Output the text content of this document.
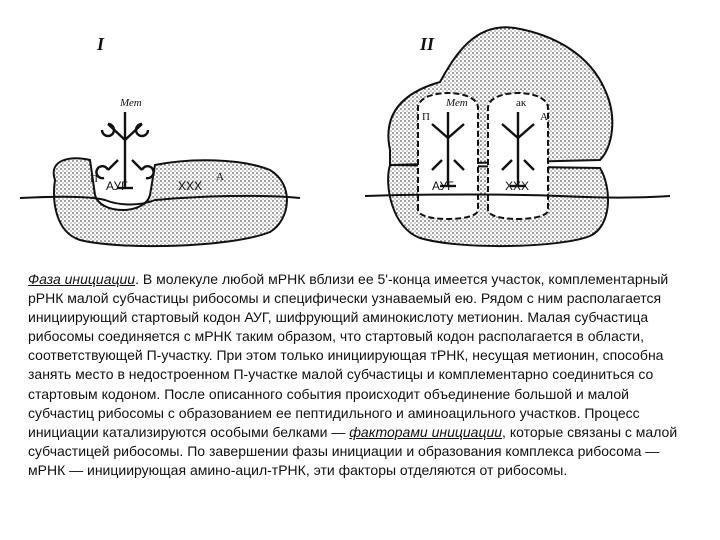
I
Мет
П АУГ	ХХХ
А
II
Мет	ак
П	А
АУГ	ХХХ

Фаза инициации. В молекуле любой мРНК вблизи ее 5'-конца имеется участок, комплементарный рРНК малой субчастицы рибосомы и специфически узнаваемый ею. Рядом с ним располагается инициирующий стартовый кодон АУГ, шифрующий аминокислоту метионин. Малая субчастица рибосомы соединяется с мРНК таким образом, что стартовый кодон располагается в области, соответствующей П-участку. При этом только инициирующая тРНК, несущая метионин, способна занять место в недостроенном П-участке малой субчастицы и комплементарно соединиться со стартовым кодоном. После описанного события происходит объединение большой и малой субчастиц рибосомы с образованием ее пептидильного и аминоацильного участков. Процесс инициации катализируются особыми белками — факторами инициации, которые связаны с малой субчастицей рибосомы. По завершении фазы инициации и образования комплекса рибосома — мРНК — инициирующая амино-ацил-тРНК, эти факторы отделяются от рибосомы.
